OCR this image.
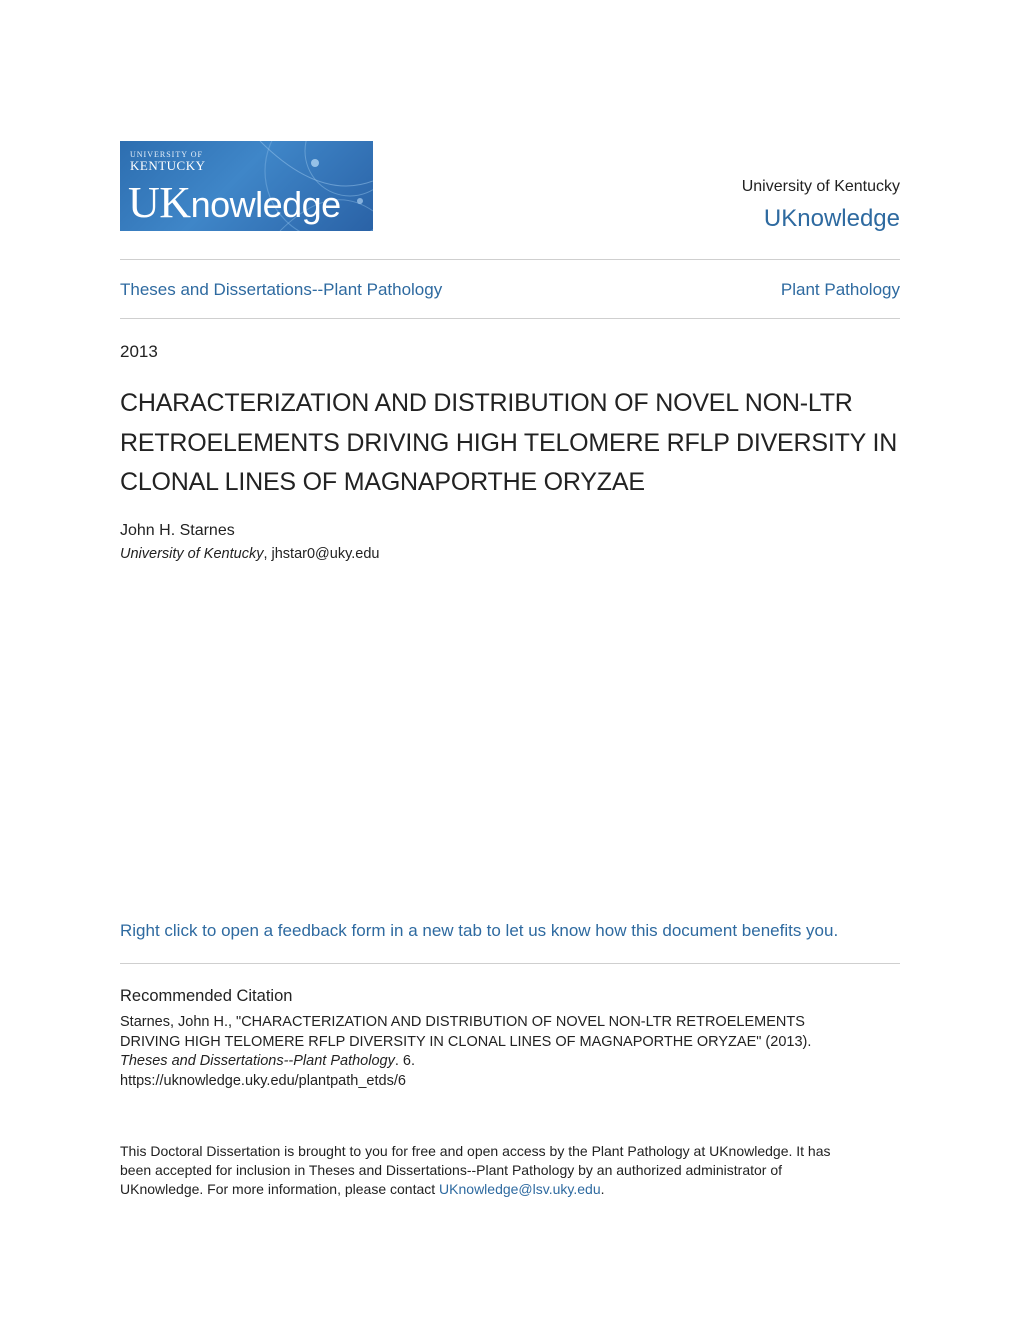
UNIVERSITY OF
KENTUCKY
UKnowledge	University of Kentucky
UKnowledge
Theses and Dissertations--Plant Pathology	Plant Pathology
2013
CHARACTERIZATION AND DISTRIBUTION OF NOVEL NON-LTR
RETROELEMENTS DRIVING HIGH TELOMERE RFLP DIVERSITY IN
CLONAL LINES OF MAGNAPORTHE ORYZAE
John H. Starnes
University of Kentucky, jhstar0@uky.edu
Right click to open a feedback form in a new tab to let us know how this document benefits you.
Recommended Citation
Starnes, John H., "CHARACTERIZATION AND DISTRIBUTION OF NOVEL NON-LTR RETROELEMENTS
DRIVING HIGH TELOMERE RFLP DIVERSITY IN CLONAL LINES OF MAGNAPORTHE ORYZAE" (2013).
Theses and Dissertations--Plant Pathology. 6.
https://uknowledge.uky.edu/plantpath_etds/6
This Doctoral Dissertation is brought to you for free and open access by the Plant Pathology at UKnowledge. It has
been accepted for inclusion in Theses and Dissertations--Plant Pathology by an authorized administrator of
UKnowledge. For more information, please contact UKnowledge@lsv.uky.edu.
